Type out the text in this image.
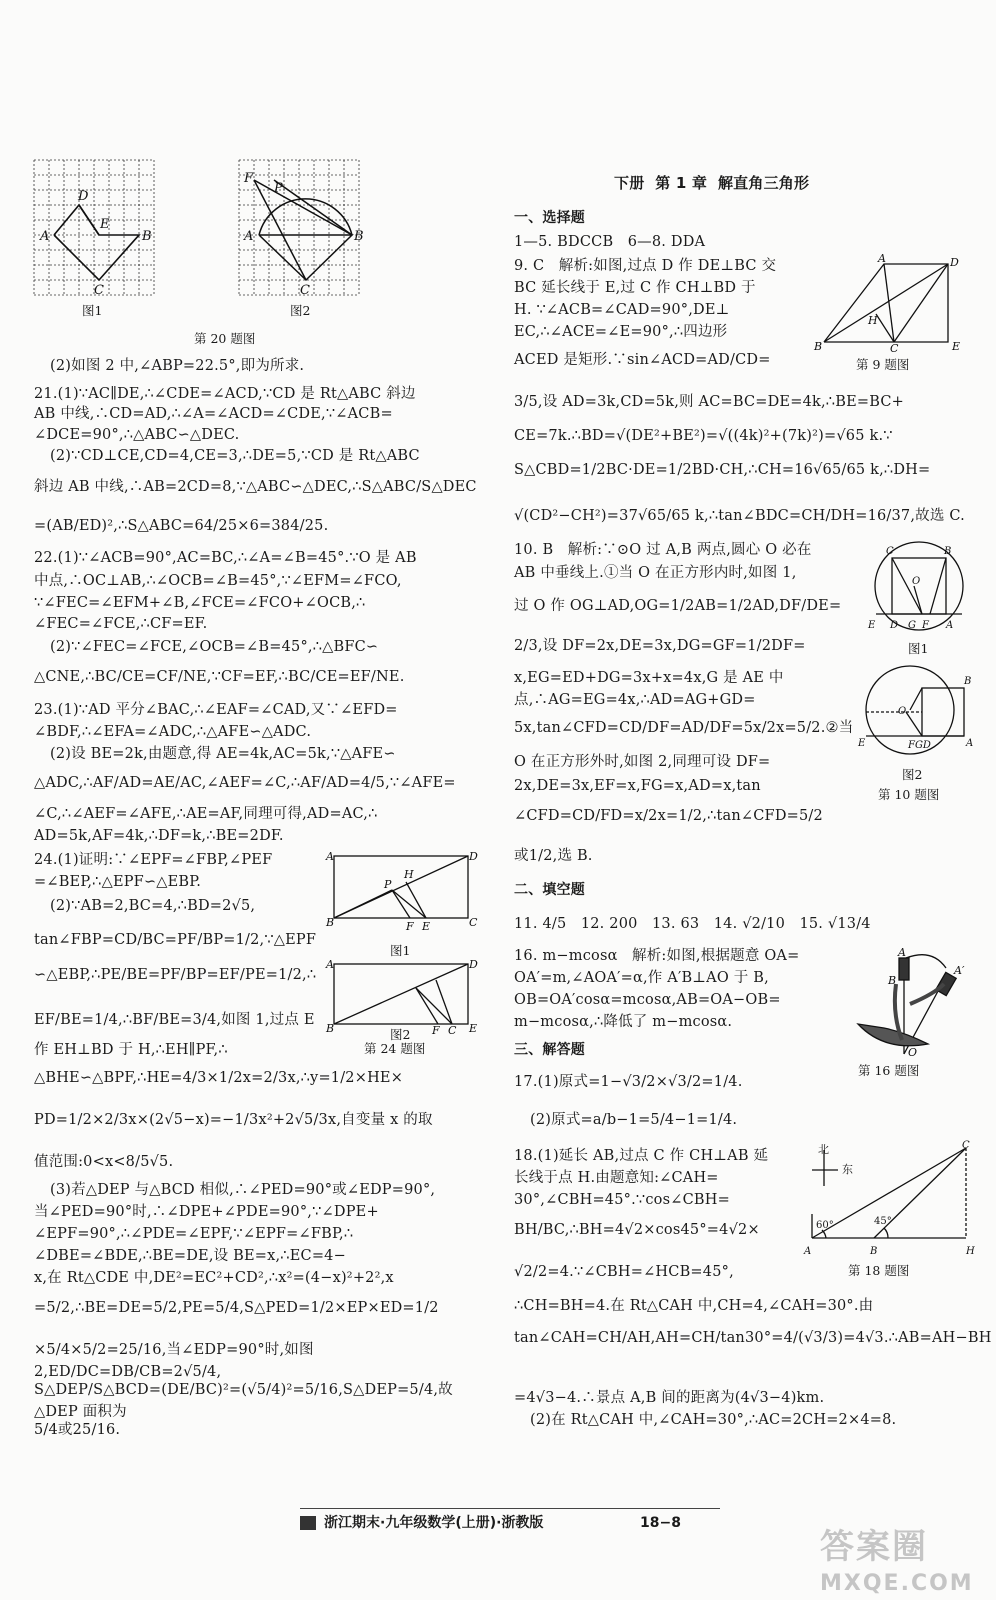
A
D
E
B
C
图1
F
P
A	B
C
图2
第 20 题图
(2)如图 2 中,∠ABP=22.5°,即为所求.
21.(1)∵AC∥DE,∴∠CDE=∠ACD,∵CD 是 Rt△ABC 斜边
AB 中线,∴CD=AD,∴∠A=∠ACD=∠CDE,∵∠ACB=
∠DCE=90°,∴△ABC∽△DEC.
(2)∵CD⊥CE,CD=4,CE=3,∴DE=5,∵CD 是 Rt△ABC
斜边 AB 中线,∴AB=2CD=8,∵△ABC∽△DEC,∴S△ABC/S△DEC
=(AB/ED)²,∴S△ABC=64/25×6=384/25.
22.(1)∵∠ACB=90°,AC=BC,∴∠A=∠B=45°.∵O 是 AB
中点,∴OC⊥AB,∴∠OCB=∠B=45°,∵∠EFM=∠FCO,
∵∠FEC=∠EFM+∠B,∠FCE=∠FCO+∠OCB,∴
∠FEC=∠FCE,∴CF=EF.
(2)∵∠FEC=∠FCE,∠OCB=∠B=45°,∴△BFC∽
△CNE,∴BC/CE=CF/NE,∵CF=EF,∴BC/CE=EF/NE.
23.(1)∵AD 平分∠BAC,∴∠EAF=∠CAD,又∵∠EFD=
∠BDF,∴∠EFA=∠ADC,∴△AFE∽△ADC.
(2)设 BE=2k,由题意,得 AE=4k,AC=5k,∵△AFE∽
△ADC,∴AF/AD=AE/AC,∠AEF=∠C,∴AF/AD=4/5,∵∠AFE=
∠C,∴∠AEF=∠AFE,∴AE=AF,同理可得,AD=AC,∴
AD=5k,AF=4k,∴DF=k,∴BE=2DF.
24.(1)证明:∵∠EPF=∠FBP,∠PEF
=∠BEP,∴△EPF∽△EBP.
(2)∵AB=2,BC=4,∴BD=2√5,
tan∠FBP=CD/BC=PF/BP=1/2,∵△EPF
∽△EBP,∴PE/BE=PF/BP=EF/PE=1/2,∴
EF/BE=1/4,∴BF/BE=3/4,如图 1,过点 E
作 EH⊥BD 于 H,∴EH∥PF,∴
A	D
B	C
P
H
F E
图1
A	D
B	E
F C
图2
第 24 题图
△BHE∽△BPF,∴HE=4/3×1/2x=2/3x,∴y=1/2×HE×
PD=1/2×2/3x×(2√5−x)=−1/3x²+2√5/3x,自变量 x 的取
值范围:0<x<8/5√5.
(3)若△DEP 与△BCD 相似,∴∠PED=90°或∠EDP=90°,
当∠PED=90°时,∴∠DPE+∠PDE=90°,∵∠DPE+
∠EPF=90°,∴∠PDE=∠EPF,∵∠EPF=∠FBP,∴
∠DBE=∠BDE,∴BE=DE,设 BE=x,∴EC=4−
x,在 Rt△CDE 中,DE²=EC²+CD²,∴x²=(4−x)²+2²,x
=5/2,∴BE=DE=5/2,PE=5/4,S△PED=1/2×EP×ED=1/2
×5/4×5/2=25/16,当∠EDP=90°时,如图 2,ED/DC=DB/CB=2√5/4,
S△DEP/S△BCD=(DE/BC)²=(√5/4)²=5/16,S△DEP=5/4,故△DEP 面积为
5/4或25/16.
下册  第 1 章  解直角三角形
一、选择题
1—5. BDCCB   6—8. DDA
9. C   解析:如图,过点 D 作 DE⊥BC 交
BC 延长线于 E,过 C 作 CH⊥BD 于
H. ∵∠ACB=∠CAD=90°,DE⊥
EC,∴∠ACE=∠E=90°,∴四边形
ACED 是矩形.∵sin∠ACD=AD/CD=
3/5,设 AD=3k,CD=5k,则 AC=BC=DE=4k,∴BE=BC+
CE=7k.∴BD=√(DE²+BE²)=√((4k)²+(7k)²)=√65 k.∵
S△CBD=1/2BC·DE=1/2BD·CH,∴CH=16√65/65 k,∴DH=
√(CD²−CH²)=37√65/65 k,∴tan∠BDC=CH/DH=16/37,故选 C.
A	D
B	C	E
H
第 9 题图
10. B   解析:∵⊙O 过 A,B 两点,圆心 O 必在
AB 中垂线上.①当 O 在正方形内时,如图 1,
过 O 作 OG⊥AD,OG=1/2AB=1/2AD,DF/DE=
2/3,设 DF=2x,DE=3x,DG=GF=1/2DF=
x,EG=ED+DG=3x+x=4x,G 是 AE 中
点,∴AG=EG=4x,∴AD=AG+GD=
5x,tan∠CFD=CD/DF=AD/DF=5x/2x=5/2.②当
O 在正方形外时,如图 2,同理可设 DF=
2x,DE=3x,EF=x,FG=x,AD=x,tan
∠CFD=CD/FD=x/2x=1/2,∴tan∠CFD=5/2
或1/2,选 B.
C	B
O
E D G F A
图1
B
O
E	FGD	A
图2
第 10 题图
二、填空题
11. 4/5   12. 200   13. 63   14. √2/10   15. √13/4
16. m−mcosα   解析:如图,根据题意 OA=
OA′=m,∠AOA′=α,作 A′B⊥AO 于 B,
OB=OA′cosα=mcosα,AB=OA−OB=
m−mcosα,∴降低了 m−mcosα.
A
A′
B
O
第 16 题图
三、解答题
17.(1)原式=1−√3/2×√3/2=1/4.
(2)原式=a/b−1=5/4−1=1/4.
18.(1)延长 AB,过点 C 作 CH⊥AB 延
长线于点 H.由题意知:∠CAH=
30°,∠CBH=45°.∵cos∠CBH=
BH/BC,∴BH=4√2×cos45°=4√2×
√2/2=4.∵∠CBH=∠HCB=45°,
∴CH=BH=4.在 Rt△CAH 中,CH=4,∠CAH=30°.由
tan∠CAH=CH/AH,AH=CH/tan30°=4/(√3/3)=4√3.∴AB=AH−BH
=4√3−4.∴景点 A,B 间的距离为(4√3−4)km.
(2)在 Rt△CAH 中,∠CAH=30°,∴AC=2CH=2×4=8.
A	B	H
C
北
东
60°	45°
第 18 题图
浙江期末·九年级数学(上册)·浙教版	18−8
答案圈
MXQE.COM
